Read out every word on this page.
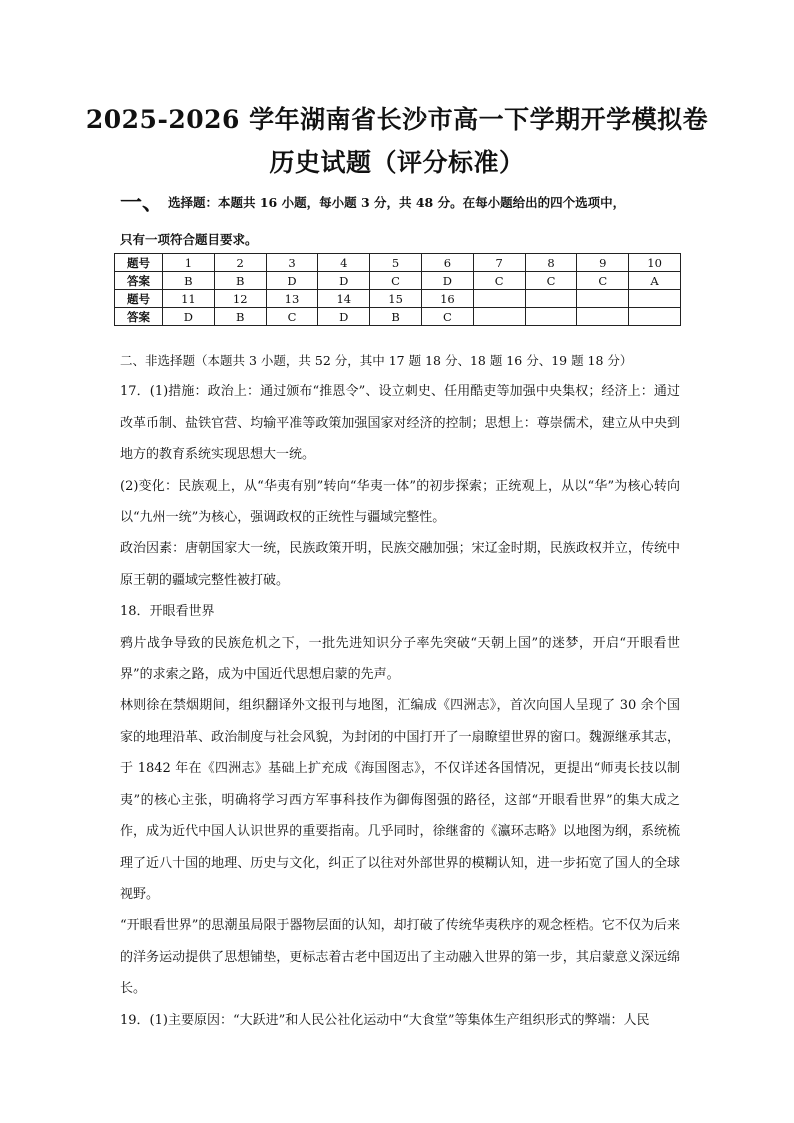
2025-2026 学年湖南省长沙市高一下学期开学模拟卷
历史试题（评分标准）
一、 选择题：本题共 16 小题，每小题 3 分，共 48 分。在每小题给出的四个选项中，
只有一项符合题目要求。
题号	1	2	3	4	5	6	7	8	9	10
答案	B	B	D	D	C	D	C	C	C	A
题号	11	12	13	14	15	16				
答案	D	B	C	D	B	C				

二、非选择题（本题共 3 小题，共 52 分，其中 17 题 18 分、18 题 16 分、19 题 18 分）

17．(1)措施：政治上：通过颁布“推恩令”、设立刺史、任用酷吏等加强中央集权；经济上：通过改革币制、盐铁官营、均输平准等政策加强国家对经济的控制；思想上：尊崇儒术，建立从中央到地方的教育系统实现思想大一统。

(2)变化：民族观上，从“华夷有别”转向“华夷一体”的初步探索；正统观上，从以“华”为核心转向以“九州一统”为核心，强调政权的正统性与疆域完整性。

政治因素：唐朝国家大一统，民族政策开明，民族交融加强；宋辽金时期，民族政权并立，传统中原王朝的疆域完整性被打破。

18．开眼看世界

鸦片战争导致的民族危机之下，一批先进知识分子率先突破“天朝上国”的迷梦，开启“开眼看世界”的求索之路，成为中国近代思想启蒙的先声。

林则徐在禁烟期间，组织翻译外文报刊与地图，汇编成《四洲志》，首次向国人呈现了 30 余个国家的地理沿革、政治制度与社会风貌，为封闭的中国打开了一扇瞭望世界的窗口。魏源继承其志，于 1842 年在《四洲志》基础上扩充成《海国图志》，不仅详述各国情况，更提出“师夷长技以制夷”的核心主张，明确将学习西方军事科技作为御侮图强的路径，这部“开眼看世界”的集大成之作，成为近代中国人认识世界的重要指南。几乎同时，徐继畬的《瀛环志略》以地图为纲，系统梳理了近八十国的地理、历史与文化，纠正了以往对外部世界的模糊认知，进一步拓宽了国人的全球视野。

“开眼看世界”的思潮虽局限于器物层面的认知，却打破了传统华夷秩序的观念桎梏。它不仅为后来的洋务运动提供了思想铺垫，更标志着古老中国迈出了主动融入世界的第一步，其启蒙意义深远绵长。

19．(1)主要原因：“大跃进”和人民公社化运动中“大食堂”等集体生产组织形式的弊端：人民
